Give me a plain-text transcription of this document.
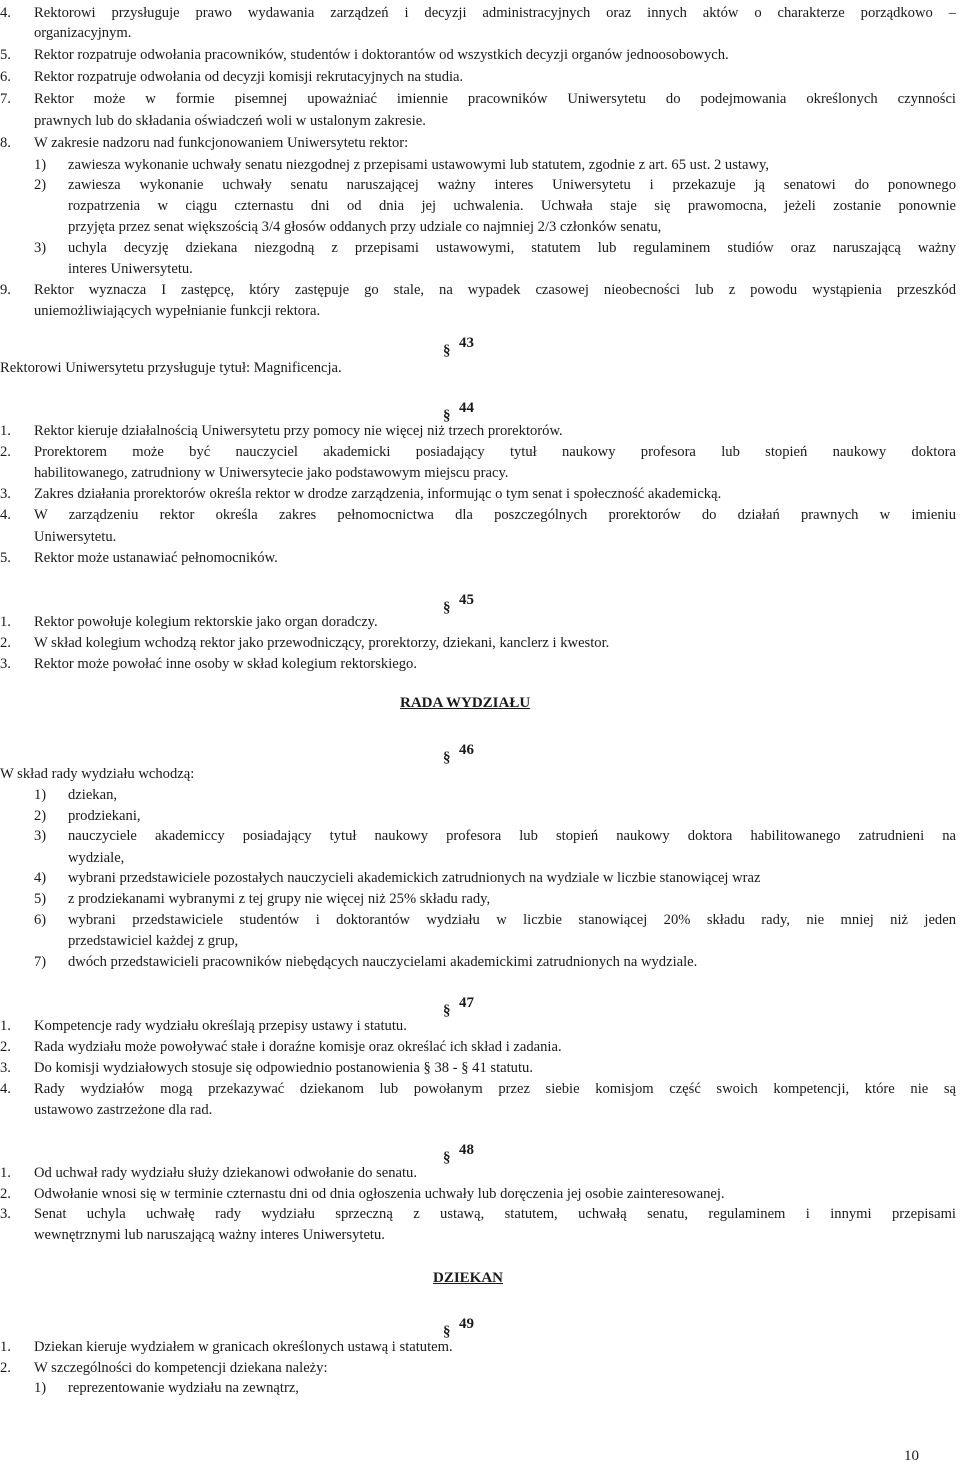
4. Rektorowi przysługuje prawo wydawania zarządzeń i decyzji administracyjnych oraz innych aktów o charakterze porządkowo –
organizacyjnym.
5. Rektor rozpatruje odwołania pracowników, studentów i doktorantów od wszystkich decyzji organów jednoosobowych.
6. Rektor rozpatruje odwołania od decyzji komisji rekrutacyjnych na studia.
7. Rektor może w formie pisemnej upoważniać imiennie pracowników Uniwersytetu do podejmowania określonych czynności
prawnych lub do składania oświadczeń woli w ustalonym zakresie.
8. W zakresie nadzoru nad funkcjonowaniem Uniwersytetu rektor:
1) zawiesza wykonanie uchwały senatu niezgodnej z przepisami ustawowymi lub statutem, zgodnie z art. 65 ust. 2 ustawy,
2) zawiesza wykonanie uchwały senatu naruszającej ważny interes Uniwersytetu i przekazuje ją senatowi do ponownego
rozpatrzenia w ciągu czternastu dni od dnia jej uchwalenia. Uchwała staje się prawomocna, jeżeli zostanie ponownie
przyjęta przez senat większością 3/4 głosów oddanych przy udziale co najmniej 2/3 członków senatu,
3) uchyla decyzję dziekana niezgodną z przepisami ustawowymi, statutem lub regulaminem studiów oraz naruszającą ważny
interes Uniwersytetu.
9. Rektor wyznacza I zastępcę, który zastępuje go stale, na wypadek czasowej nieobecności lub z powodu wystąpienia przeszkód
uniemożliwiających wypełnianie funkcji rektora.
§ 43
Rektorowi Uniwersytetu przysługuje tytuł: Magnificencja.
§ 44
1. Rektor kieruje działalnością Uniwersytetu przy pomocy nie więcej niż trzech prorektorów.
2. Prorektorem może być nauczyciel akademicki posiadający tytuł naukowy profesora lub stopień naukowy doktora
habilitowanego, zatrudniony w Uniwersytecie jako podstawowym miejscu pracy.
3. Zakres działania prorektorów określa rektor w drodze zarządzenia, informując o tym senat i społeczność akademicką.
4. W zarządzeniu rektor określa zakres pełnomocnictwa dla poszczególnych prorektorów do działań prawnych w imieniu
Uniwersytetu.
5. Rektor może ustanawiać pełnomocników.
§ 45
1. Rektor powołuje kolegium rektorskie jako organ doradczy.
2. W skład kolegium wchodzą rektor jako przewodniczący, prorektorzy, dziekani, kanclerz i kwestor.
3. Rektor może powołać inne osoby w skład kolegium rektorskiego.
RADA WYDZIAŁU
§ 46
W skład rady wydziału wchodzą:
1) dziekan,
2) prodziekani,
3) nauczyciele akademiccy posiadający tytuł naukowy profesora lub stopień naukowy doktora habilitowanego zatrudnieni na
wydziale,
4) wybrani przedstawiciele pozostałych nauczycieli akademickich zatrudnionych na wydziale w liczbie stanowiącej wraz
5) z prodziekanami wybranymi z tej grupy nie więcej niż 25% składu rady,
6) wybrani przedstawiciele studentów i doktorantów wydziału w liczbie stanowiącej 20% składu rady, nie mniej niż jeden
przedstawiciel każdej z grup,
7) dwóch przedstawicieli pracowników niebędących nauczycielami akademickimi zatrudnionych na wydziale.
§ 47
1. Kompetencje rady wydziału określają przepisy ustawy i statutu.
2. Rada wydziału może powoływać stałe i doraźne komisje oraz określać ich skład i zadania.
3. Do komisji wydziałowych stosuje się odpowiednio postanowienia § 38 - § 41 statutu.
4. Rady wydziałów mogą przekazywać dziekanom lub powołanym przez siebie komisjom część swoich kompetencji, które nie są
ustawowo zastrzeżone dla rad.
§ 48
1. Od uchwał rady wydziału służy dziekanowi odwołanie do senatu.
2. Odwołanie wnosi się w terminie czternastu dni od dnia ogłoszenia uchwały lub doręczenia jej osobie zainteresowanej.
3. Senat uchyla uchwałę rady wydziału sprzeczną z ustawą, statutem, uchwałą senatu, regulaminem i innymi przepisami
wewnętrznymi lub naruszającą ważny interes Uniwersytetu.
DZIEKAN
§ 49
1. Dziekan kieruje wydziałem w granicach określonych ustawą i statutem.
2. W szczególności do kompetencji dziekana należy:
1) reprezentowanie wydziału na zewnątrz,
10
